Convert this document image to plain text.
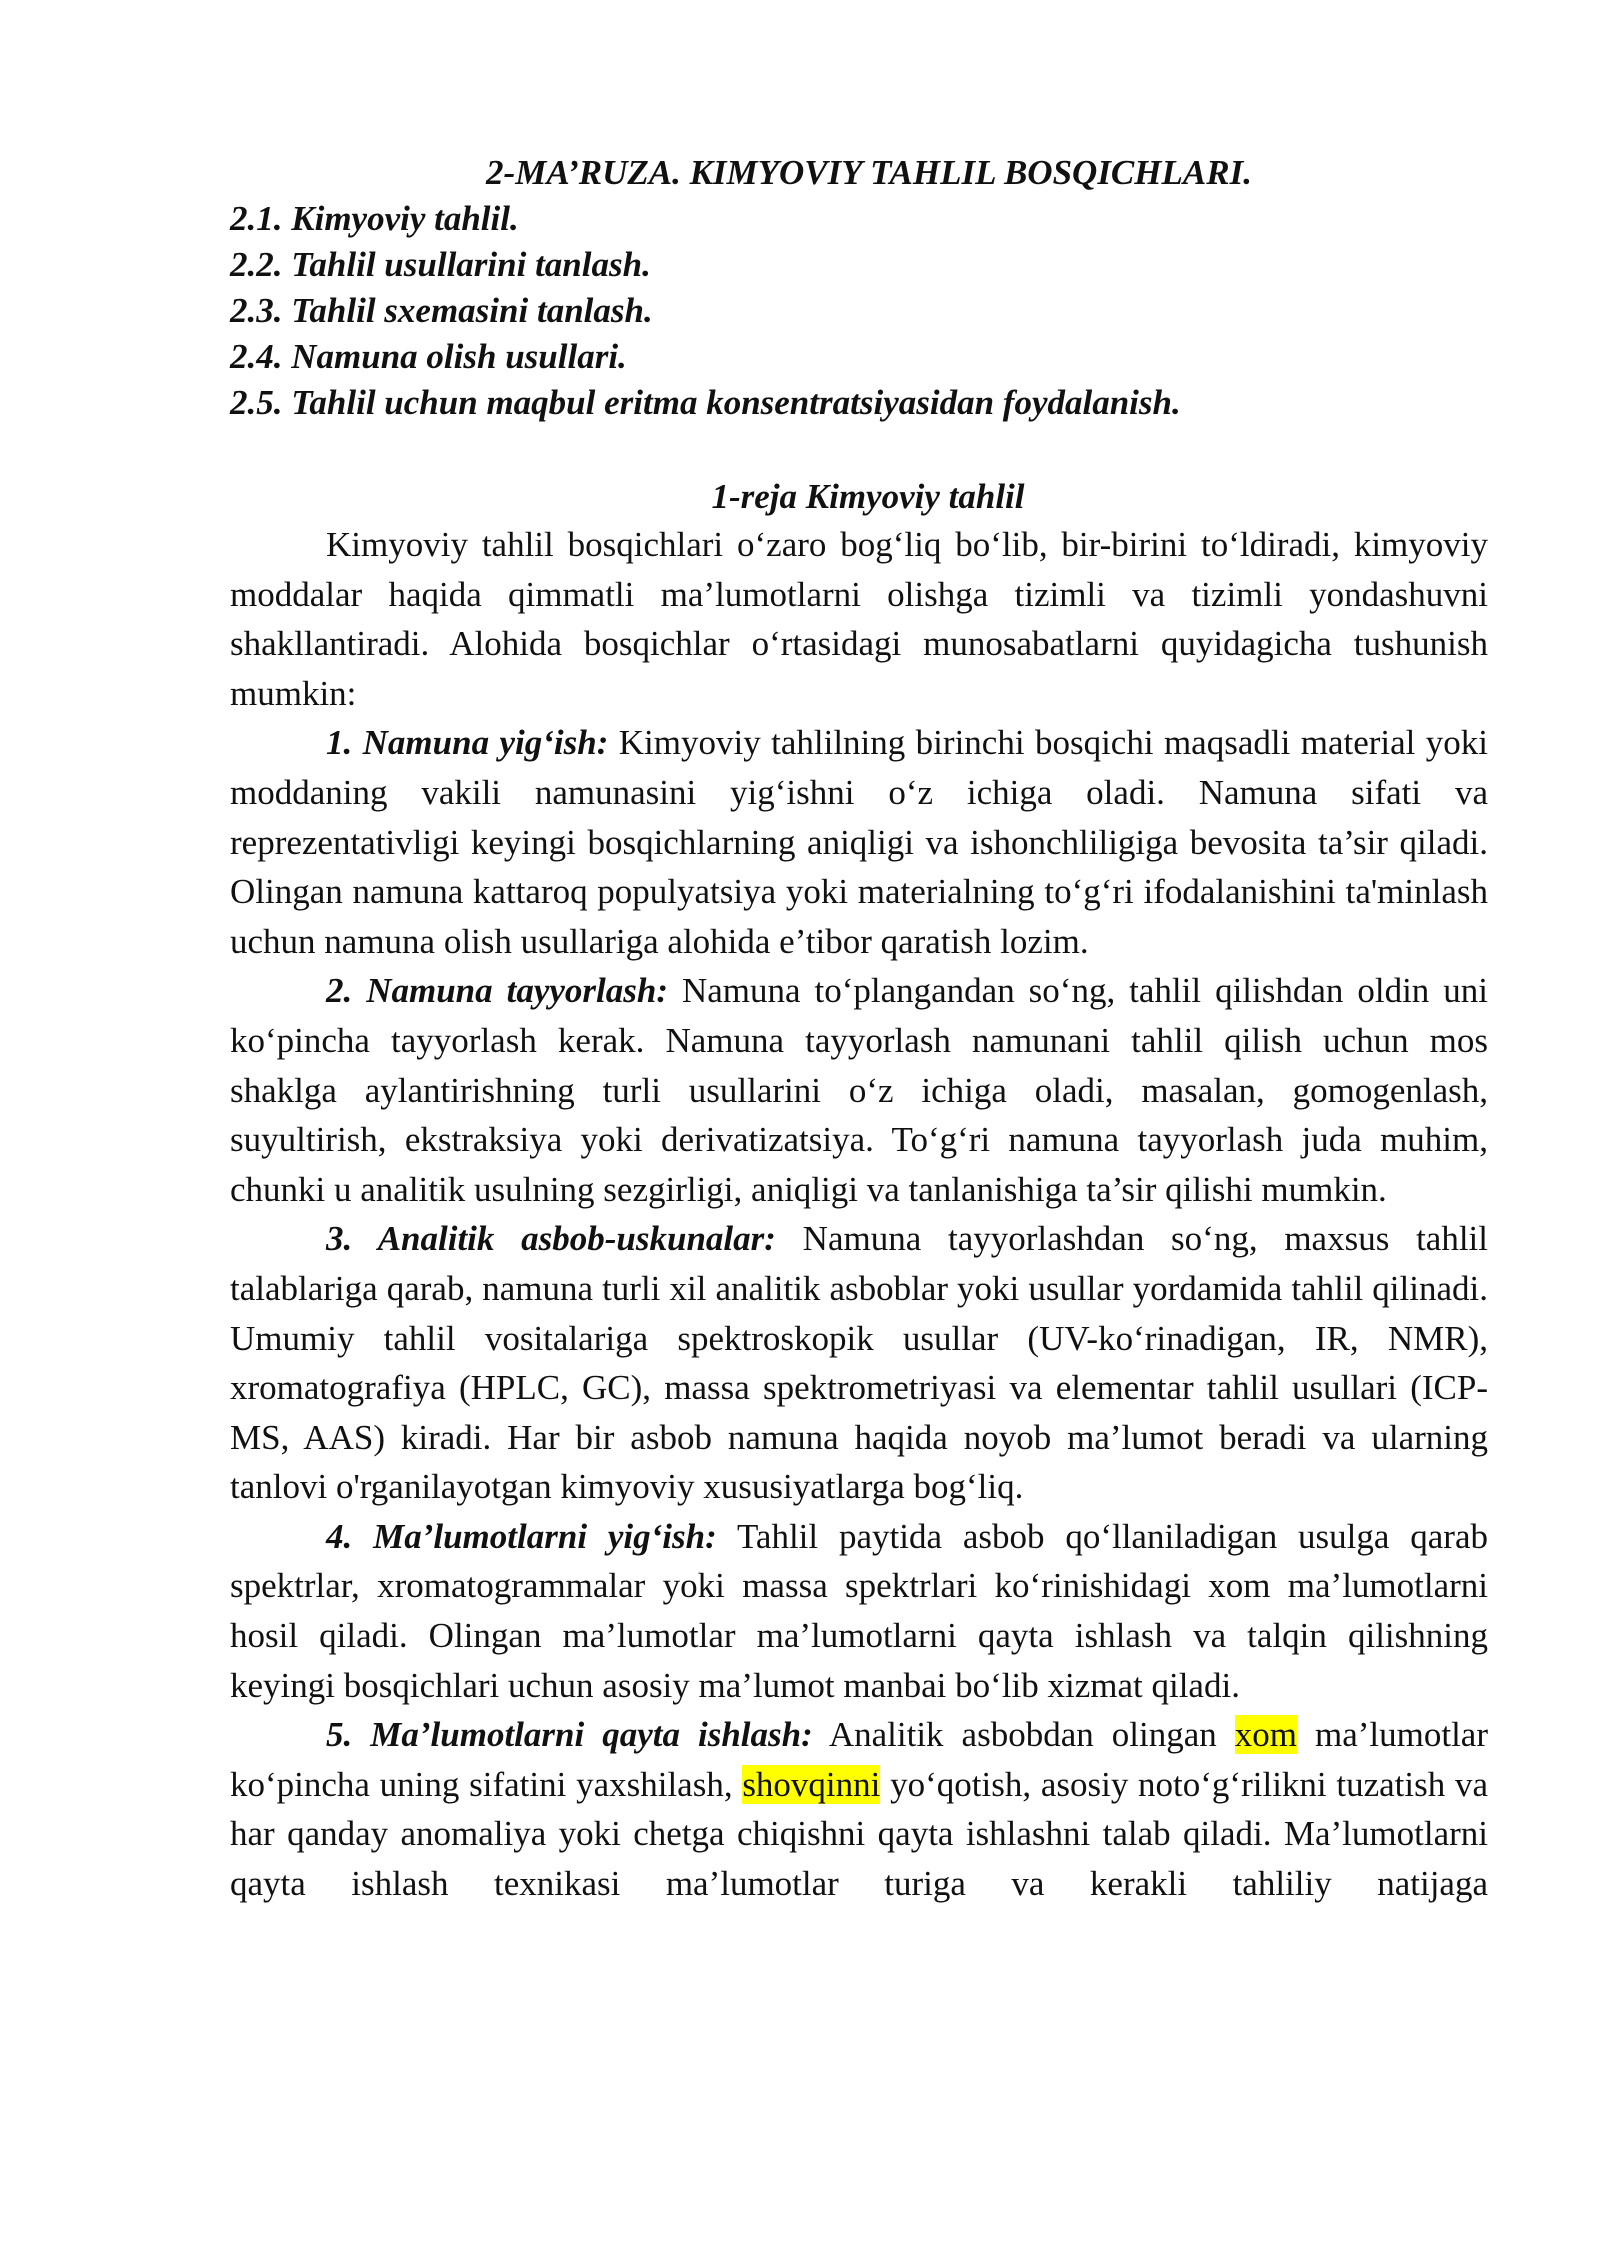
2-MA’RUZA. KIMYOVIY TAHLIL BOSQICHLARI.

2.1. Kimyoviy tahlil.
2.2. Tahlil usullarini tanlash.
2.3. Tahlil sxemasini tanlash.
2.4. Namuna olish usullari.
2.5. Tahlil uchun maqbul eritma konsentratsiyasidan foydalanish.

1-reja Kimyoviy tahlil

Kimyoviy tahlil bosqichlari o‘zaro bog‘liq bo‘lib, bir-birini to‘ldiradi, kimyoviy moddalar haqida qimmatli ma’lumotlarni olishga tizimli va tizimli yondashuvni shakllantiradi. Alohida bosqichlar o‘rtasidagi munosabatlarni quyidagicha tushunish mumkin:

1. Namuna yig‘ish: Kimyoviy tahlilning birinchi bosqichi maqsadli material yoki moddaning vakili namunasini yig‘ishni o‘z ichiga oladi. Namuna sifati va reprezentativligi keyingi bosqichlarning aniqligi va ishonchliligiga bevosita ta’sir qiladi. Olingan namuna kattaroq populyatsiya yoki materialning to‘g‘ri ifodalanishini ta'minlash uchun namuna olish usullariga alohida e’tibor qaratish lozim.

2. Namuna tayyorlash: Namuna to‘plangandan so‘ng, tahlil qilishdan oldin uni ko‘pincha tayyorlash kerak. Namuna tayyorlash namunani tahlil qilish uchun mos shaklga aylantirishning turli usullarini o‘z ichiga oladi, masalan, gomogenlash, suyultirish, ekstraksiya yoki derivatizatsiya. To‘g‘ri namuna tayyorlash juda muhim, chunki u analitik usulning sezgirligi, aniqligi va tanlanishiga ta’sir qilishi mumkin.

3. Analitik asbob-uskunalar: Namuna tayyorlashdan so‘ng, maxsus tahlil talablariga qarab, namuna turli xil analitik asboblar yoki usullar yordamida tahlil qilinadi. Umumiy tahlil vositalariga spektroskopik usullar (UV-ko‘rinadigan, IR, NMR), xromatografiya (HPLC, GC), massa spektrometriyasi va elementar tahlil usullari (ICP-MS, AAS) kiradi. Har bir asbob namuna haqida noyob ma’lumot beradi va ularning tanlovi o'rganilayotgan kimyoviy xususiyatlarga bog‘liq.

4. Ma’lumotlarni yig‘ish: Tahlil paytida asbob qo‘llaniladigan usulga qarab spektrlar, xromatogrammalar yoki massa spektrlari ko‘rinishidagi xom ma’lumotlarni hosil qiladi. Olingan ma’lumotlar ma’lumotlarni qayta ishlash va talqin qilishning keyingi bosqichlari uchun asosiy ma’lumot manbai bo‘lib xizmat qiladi.

5. Ma’lumotlarni qayta ishlash: Analitik asbobdan olingan xom ma’lumotlar ko‘pincha uning sifatini yaxshilash, shovqinni yo‘qotish, asosiy noto‘g‘rilikni tuzatish va har qanday anomaliya yoki chetga chiqishni qayta ishlashni talab qiladi. Ma’lumotlarni qayta ishlash texnikasi ma’lumotlar turiga va kerakli tahliliy natijaga
